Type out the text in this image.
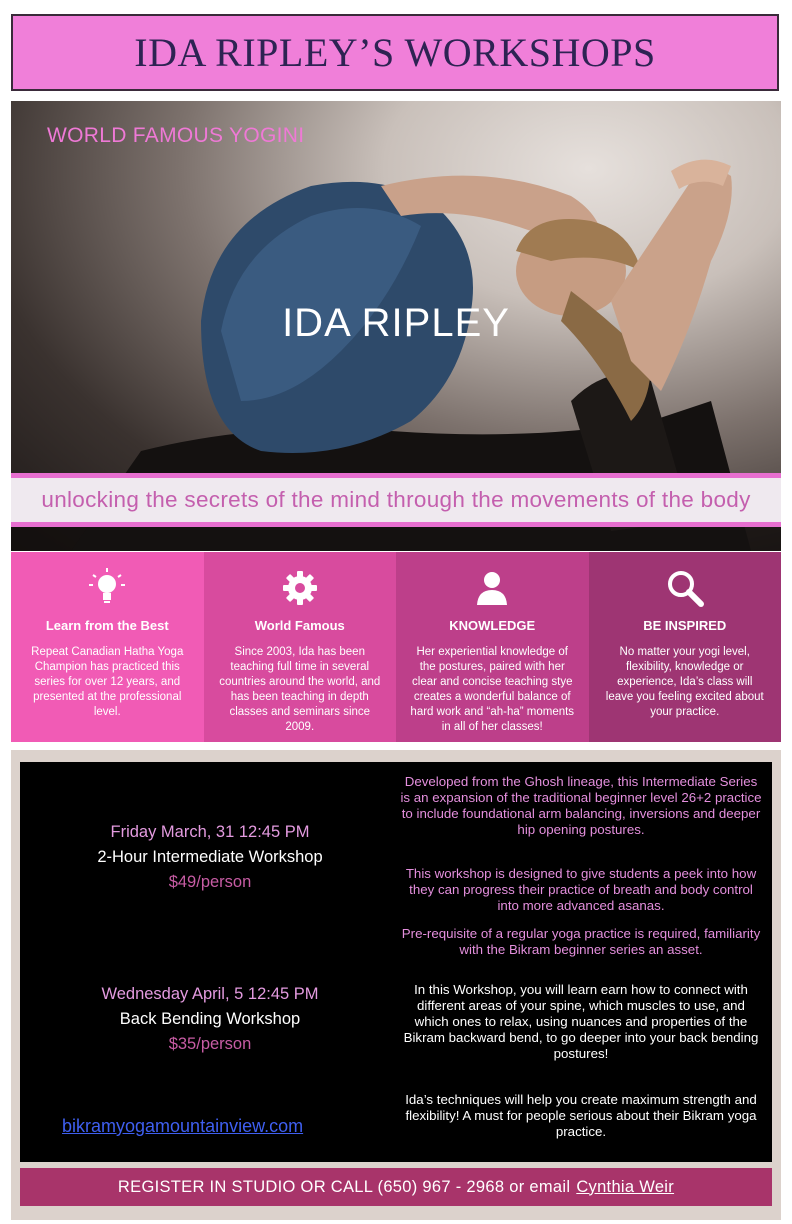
IDA RIPLEY’S WORKSHOPS
WORLD FAMOUS YOGINI
IDA RIPLEY
unlocking the secrets of the mind through the movements of the body
Learn from the Best

Repeat Canadian Hatha Yoga Champion has practiced this series for over 12 years, and presented at the professional level.

World Famous

Since 2003, Ida has been teaching full time in several countries around the world, and has been teaching in depth classes and seminars since 2009.

KNOWLEDGE

Her experiential knowledge of the postures, paired with her clear and concise teaching stye creates a wonderful balance of hard work and “ah-ha” moments in all of her classes!

BE INSPIRED

No matter your yogi level, flexibility, knowledge or experience, Ida’s class will leave you feeling excited about your practice.

Friday March, 31 12:45 PM
2-Hour Intermediate Workshop
$49/person
Wednesday April, 5 12:45 PM
Back Bending Workshop
$35/person
bikramyogamountainview.com
Developed from the Ghosh lineage, this Intermediate Series is an expansion of the traditional beginner level 26+2 practice to include foundational arm balancing, inversions and deeper hip opening postures.
This workshop is designed to give students a peek into how they can progress their practice of breath and body control into more advanced asanas.
Pre-requisite of a regular yoga practice is required, familiarity with the Bikram beginner series an asset.
In this Workshop, you will learn earn how to connect with different areas of your spine, which muscles to use, and which ones to relax, using nuances and properties of the Bikram backward bend, to go deeper into your back bending postures!
Ida’s techniques will help you create maximum strength and flexibility! A must for people serious about their Bikram yoga practice.
REGISTER IN STUDIO OR CALL (650) 967 - 2968 or email Cynthia Weir
